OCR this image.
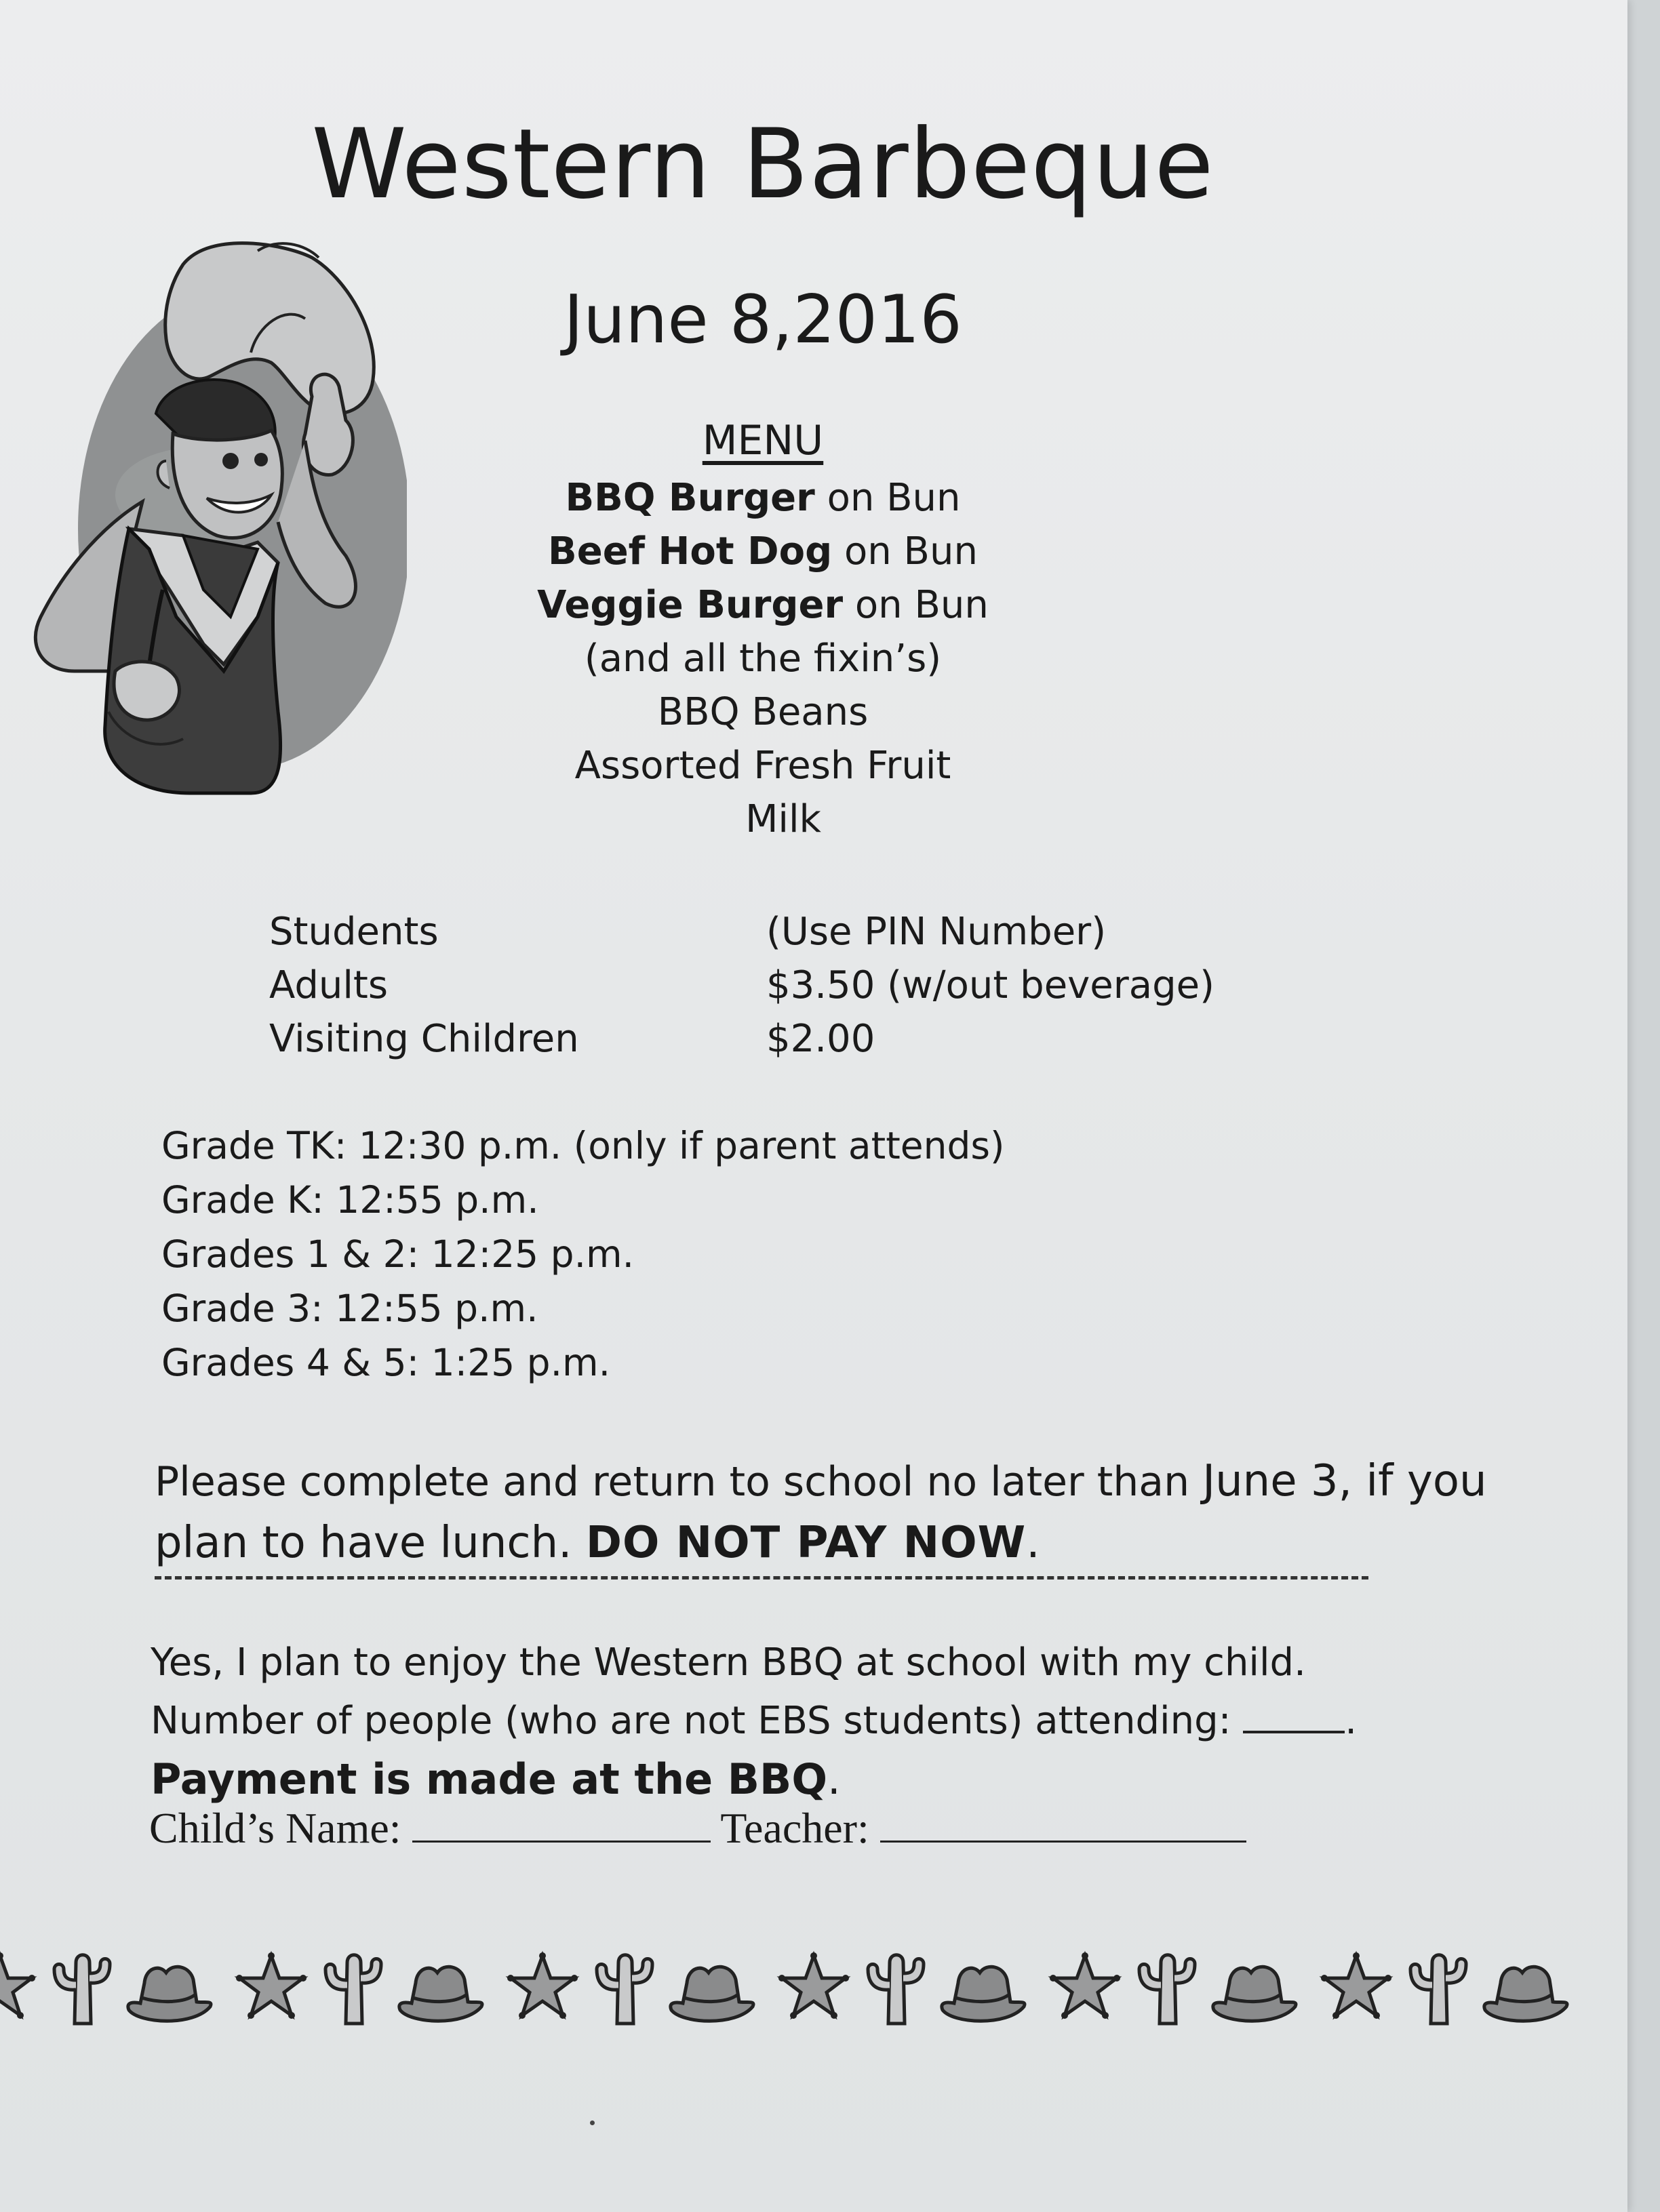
Western Barbeque
June 8,2016
MENU
BBQ Burger on Bun
Beef Hot Dog on Bun
Veggie Burger on Bun
(and all the fixin’s)
BBQ Beans
Assorted Fresh Fruit
Milk
Students
Adults
Visiting Children
(Use PIN Number)
$3.50 (w/out beverage)
$2.00
Grade TK: 12:30 p.m. (only if parent attends)
Grade K: 12:55 p.m.
Grades 1 & 2: 12:25 p.m.
Grade 3: 12:55 p.m.
Grades 4 & 5: 1:25 p.m.
Please complete and return to school no later than June 3, if you
plan to have lunch. DO NOT PAY NOW.
Yes, I plan to enjoy the Western BBQ at school with my child.
Number of people (who are not EBS students) attending:	.
Payment is made at the BBQ.
Child’s Name:	Teacher:
